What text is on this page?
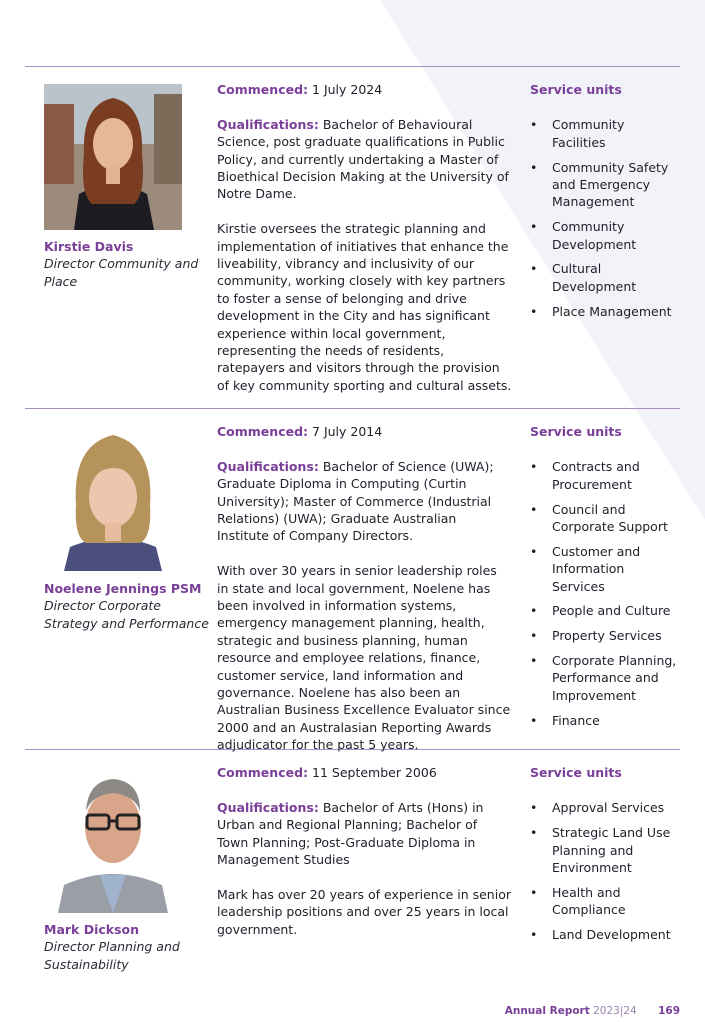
Kirstie Davis
Director Community and Place

Commenced: 1 July 2024

Qualifications: Bachelor of Behavioural Science, post graduate qualifications in Public Policy, and currently undertaking a Master of Bioethical Decision Making at the University of Notre Dame.

Kirstie oversees the strategic planning and implementation of initiatives that enhance the liveability, vibrancy and inclusivity of our community, working closely with key partners to foster a sense of belonging and drive development in the City and has significant experience within local government, representing the needs of residents, ratepayers and visitors through the provision of key community sporting and cultural assets.

Service units
• Community Facilities
• Community Safety and Emergency Management
• Community Development
• Cultural Development
• Place Management
Noelene Jennings PSM
Director Corporate Strategy and Performance

Commenced: 7 July 2014

Qualifications: Bachelor of Science (UWA); Graduate Diploma in Computing (Curtin University); Master of Commerce (Industrial Relations) (UWA); Graduate Australian Institute of Company Directors.

With over 30 years in senior leadership roles in state and local government, Noelene has been involved in information systems, emergency management planning, health, strategic and business planning, human resource and employee relations, finance, customer service, land information and governance. Noelene has also been an Australian Business Excellence Evaluator since 2000 and an Australasian Reporting Awards adjudicator for the past 5 years.

Service units
• Contracts and Procurement
• Council and Corporate Support
• Customer and Information Services
• People and Culture
• Property Services
• Corporate Planning, Performance and Improvement
• Finance
Mark Dickson
Director Planning and Sustainability

Commenced: 11 September 2006

Qualifications: Bachelor of Arts (Hons) in Urban and Regional Planning; Bachelor of Town Planning; Post-Graduate Diploma in Management Studies

Mark has over 20 years of experience in senior leadership positions and over 25 years in local government.

Service units
• Approval Services
• Strategic Land Use Planning and Environment
• Health and Compliance
• Land Development
Annual Report 2023|24 169
